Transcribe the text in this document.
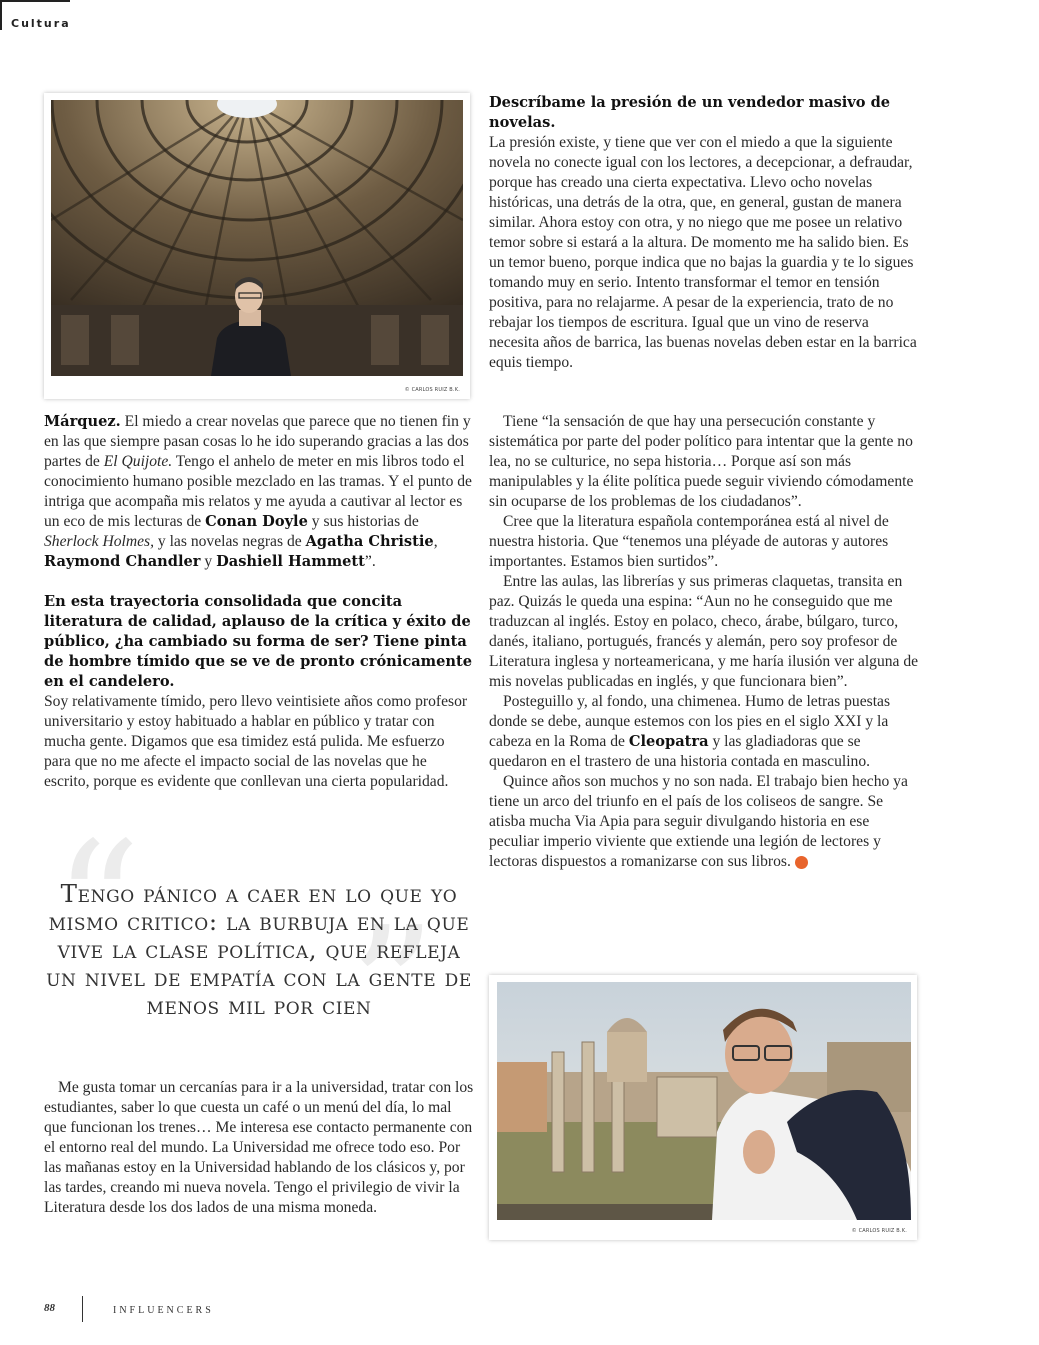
Cultura
© CARLOS RUIZ B.K.

Descríbame la presión de un vendedor masivo de novelas.

La presión existe, y tiene que ver con el miedo a que la siguiente novela no conecte igual con los lectores, a decepcionar, a defraudar, porque has creado una cierta expectativa. Llevo ocho novelas históricas, una detrás de la otra, que, en general, gustan de manera similar. Ahora estoy con otra, y no niego que me posee un relativo temor sobre si estará a la altura. De momento me ha salido bien. Es un temor bueno, porque indica que no bajas la guardia y te lo sigues tomando muy en serio. Intento transformar el temor en tensión positiva, para no relajarme. A pesar de la experiencia, trato de no rebajar los tiempos de escritura. Igual que un vino de reserva necesita años de barrica, las buenas novelas deben estar en la barrica equis tiempo.

Márquez. El miedo a crear novelas que parece que no tienen fin y en las que siempre pasan cosas lo he ido superando gracias a las dos partes de El Quijote. Tengo el anhelo de meter en mis libros todo el conocimiento humano posible mezclado en las tramas. Y el punto de intriga que acompaña mis relatos y me ayuda a cautivar al lector es un eco de mis lecturas de Conan Doyle y sus historias de Sherlock Holmes, y las novelas negras de Agatha Christie, Raymond Chandler y Dashiell Hammett”.

En esta trayectoria consolidada que concita literatura de calidad, aplauso de la crítica y éxito de público, ¿ha cambiado su forma de ser? Tiene pinta de hombre tímido que se ve de pronto crónicamente en el candelero.

Soy relativamente tímido, pero llevo veintisiete años como profesor universitario y estoy habituado a hablar en público y tratar con mucha gente. Digamos que esa timidez está pulida. Me esfuerzo para que no me afecte el impacto social de las novelas que he escrito, porque es evidente que conllevan una cierta popularidad.

“ ”
Tengo pánico a caer en lo que yo mismo critico: la burbuja en la que vive la clase política, que refleja un nivel de empatía con la gente de menos mil por cien

Me gusta tomar un cercanías para ir a la universidad, tratar con los estudiantes, saber lo que cuesta un café o un menú del día, lo mal que funcionan los trenes… Me interesa ese contacto permanente con el entorno real del mundo. La Universidad me ofrece todo eso. Por las mañanas estoy en la Universidad hablando de los clásicos y, por las tardes, creando mi nueva novela. Tengo el privilegio de vivir la Literatura desde los dos lados de una misma moneda.

Tiene “la sensación de que hay una persecución constante y sistemática por parte del poder político para intentar que la gente no lea, no se culturice, no sepa historia… Porque así son más manipulables y la élite política puede seguir viviendo cómodamente sin ocuparse de los problemas de los ciudadanos”.

Cree que la literatura española contemporánea está al nivel de nuestra historia. Que “tenemos una pléyade de autoras y autores importantes. Estamos bien surtidos”.

Entre las aulas, las librerías y sus primeras claquetas, transita en paz. Quizás le queda una espina: “Aun no he conseguido que me traduzcan al inglés. Estoy en polaco, checo, árabe, búlgaro, turco, danés, italiano, portugués, francés y alemán, pero soy profesor de Literatura inglesa y norteamericana, y me haría ilusión ver alguna de mis novelas publicadas en inglés, y que funcionara bien”.

Posteguillo y, al fondo, una chimenea. Humo de letras puestas donde se debe, aunque estemos con los pies en el siglo XXI y la cabeza en la Roma de Cleopatra y las gladiadoras que se quedaron en el trastero de una historia contada en masculino.

Quince años son muchos y no son nada. El trabajo bien hecho ya tiene un arco del triunfo en el país de los coliseos de sangre. Se atisba mucha Via Apia para seguir divulgando historia en ese peculiar imperio viviente que extiende una legión de lectores y lectoras dispuestos a romanizarse con sus libros. in

© CARLOS RUIZ B.K.
88	INFLUENCERS
